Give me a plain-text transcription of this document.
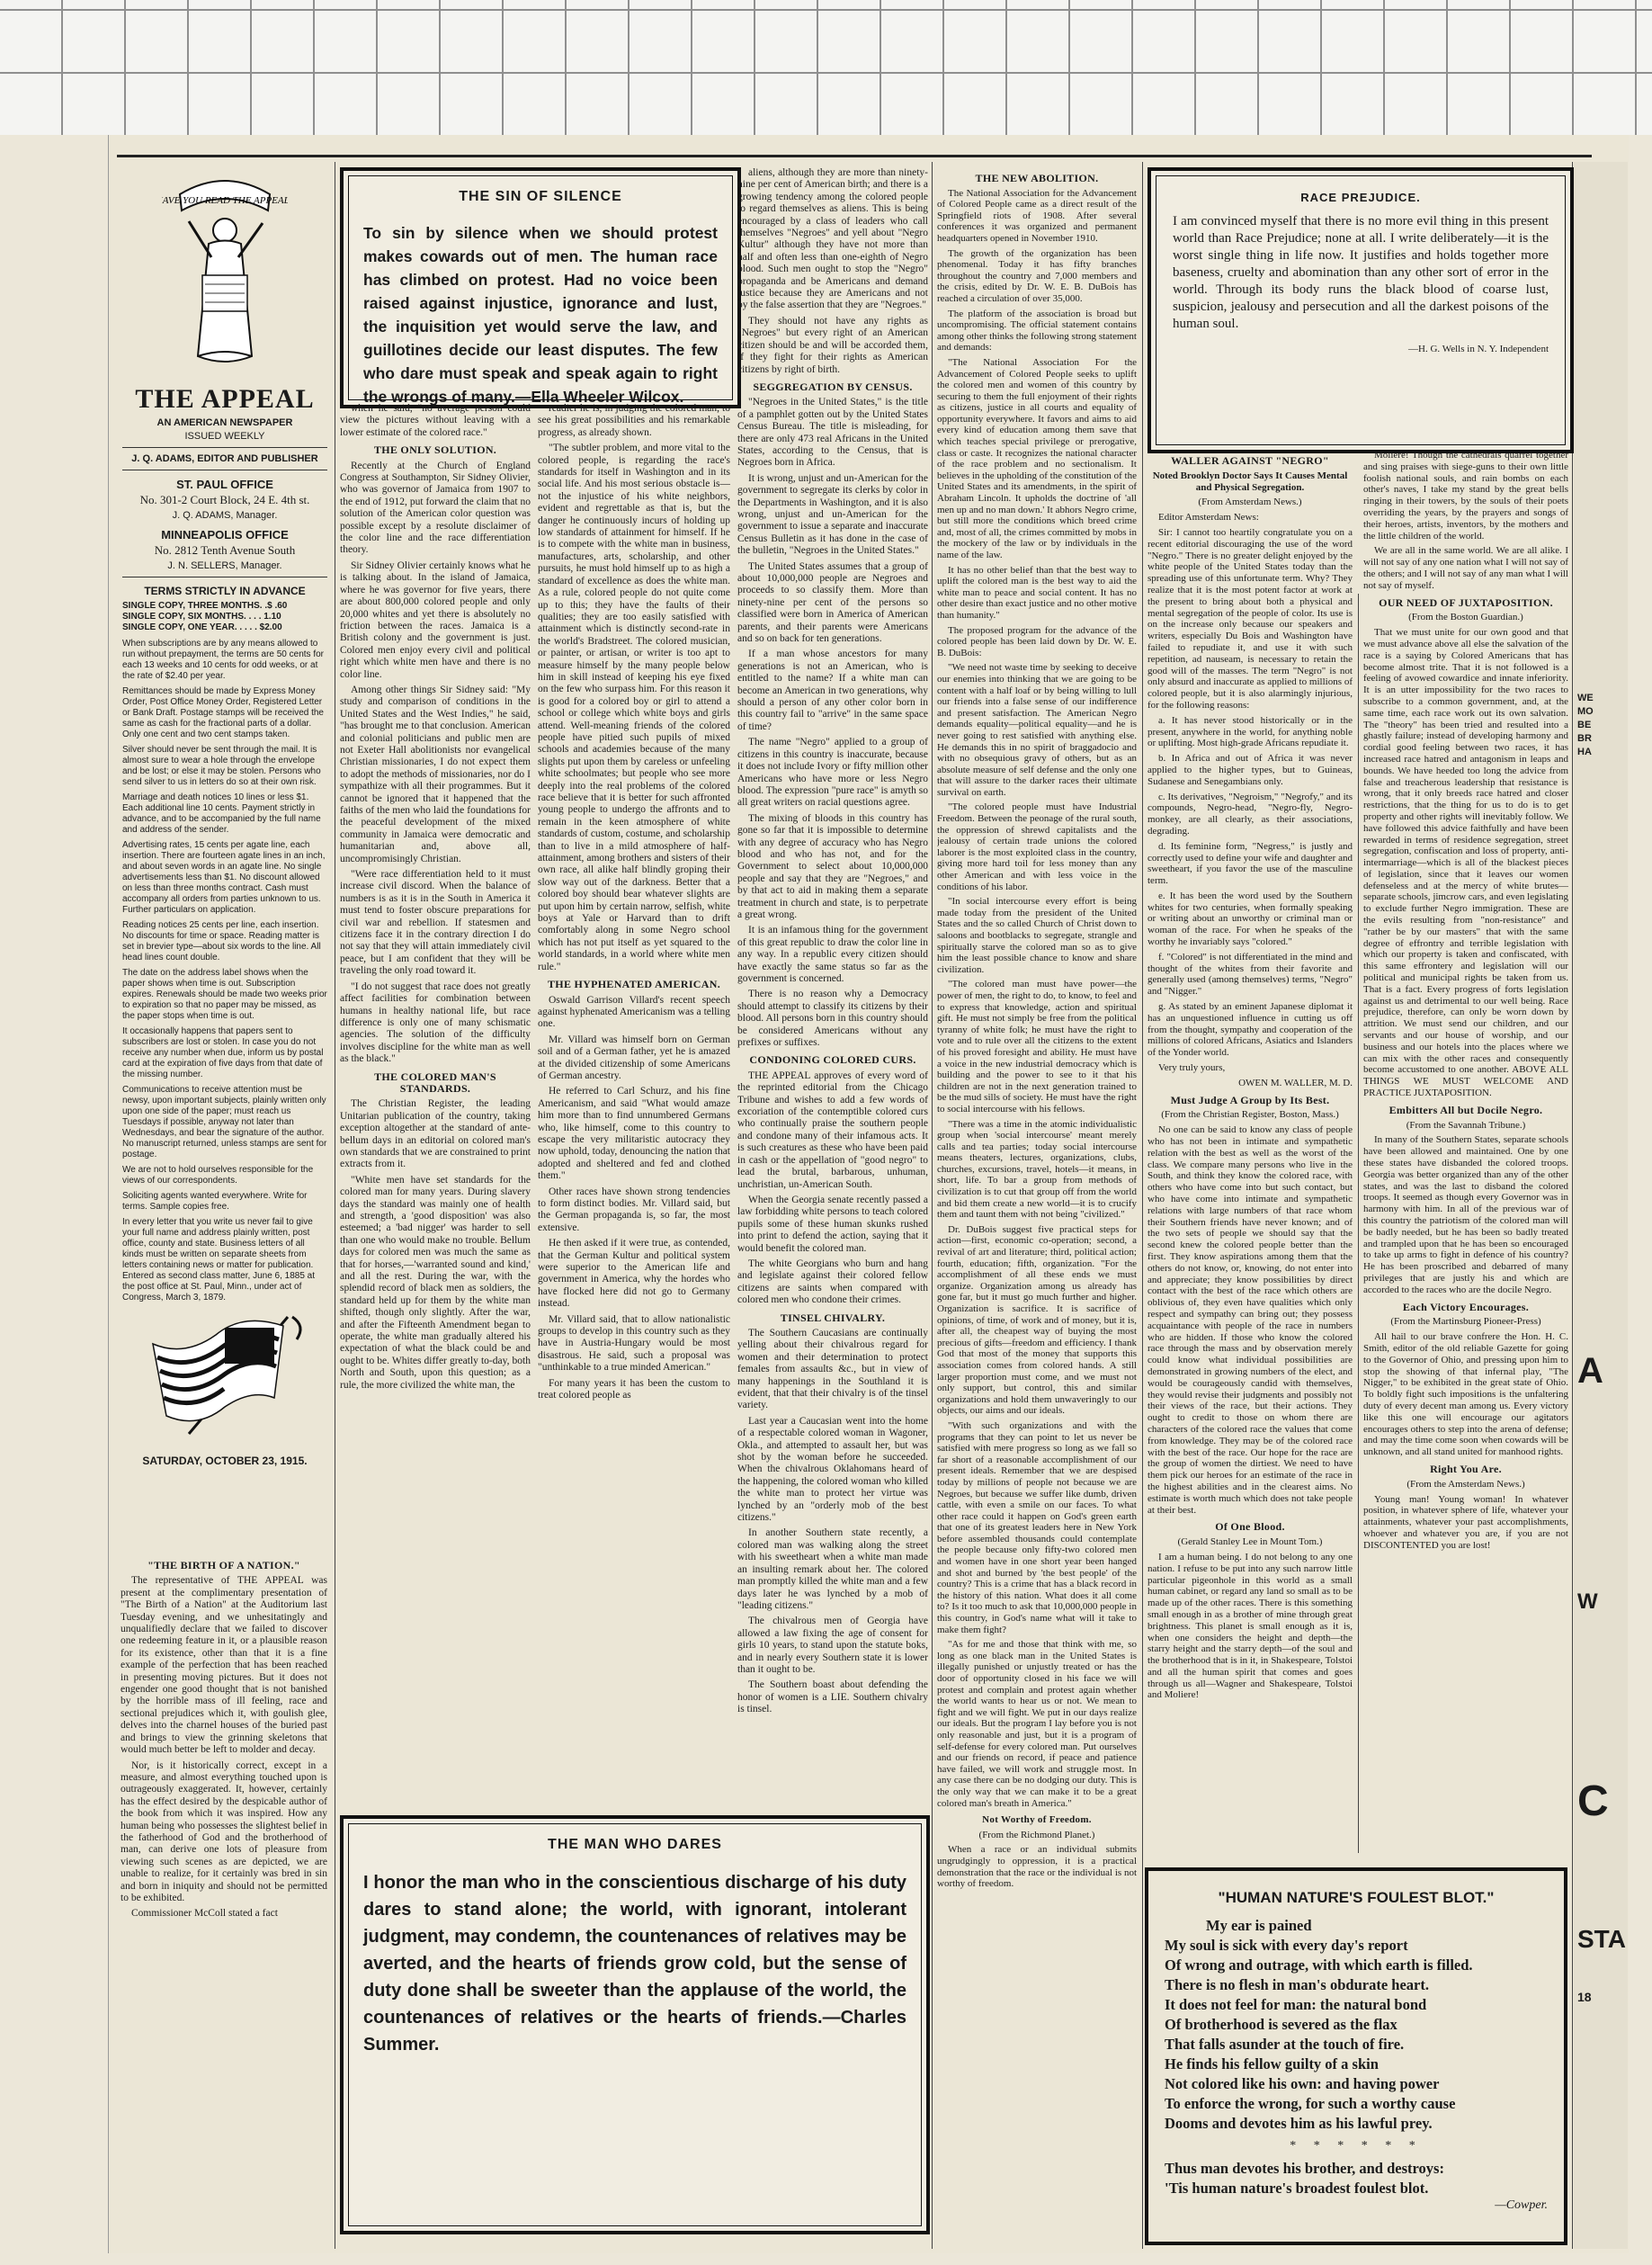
HAVE YOU READ THE APPEAL?
THE APPEAL
AN AMERICAN NEWSPAPER
ISSUED WEEKLY
J. Q. ADAMS, EDITOR AND PUBLISHER
ST. PAUL OFFICE
No. 301-2 Court Block, 24 E. 4th st.
J. Q. ADAMS, Manager.
MINNEAPOLIS OFFICE
No. 2812 Tenth Avenue South
J. N. SELLERS, Manager.
TERMS STRICTLY IN ADVANCE
SINGLE COPY, THREE MONTHS. .$ .60
SINGLE COPY, SIX MONTHS. . . . 1.10
SINGLE COPY, ONE YEAR. . . . . $2.00
When subscriptions are by any means allowed to run without prepayment, the terms are 50 cents for each 13 weeks and 10 cents for odd weeks, or at the rate of $2.40 per year.
Remittances should be made by Express Money Order, Post Office Money Order, Registered Letter or Bank Draft. Postage stamps will be received the same as cash for the fractional parts of a dollar. Only one cent and two cent stamps taken.
Silver should never be sent through the mail. It is almost sure to wear a hole through the envelope and be lost; or else it may be stolen. Persons who send silver to us in letters do so at their own risk.
Marriage and death notices 10 lines or less $1. Each additional line 10 cents. Payment strictly in advance, and to be accompanied by the full name and address of the sender.
Advertising rates, 15 cents per agate line, each insertion. There are fourteen agate lines in an inch, and about seven words in an agate line. No single advertisements less than $1. No discount allowed on less than three months contract. Cash must accompany all orders from parties unknown to us. Further particulars on application.
Reading notices 25 cents per line, each insertion. No discounts for time or space. Reading matter is set in brevier type—about six words to the line. All head lines count double.
The date on the address label shows when the paper shows when time is out. Subscription expires. Renewals should be made two weeks prior to expiration so that no paper may be missed, as the paper stops when time is out.
It occasionally happens that papers sent to subscribers are lost or stolen. In case you do not receive any number when due, inform us by postal card at the expiration of five days from that date of the missing number.
Communications to receive attention must be newsy, upon important subjects, plainly written only upon one side of the paper; must reach us Tuesdays if possible, anyway not later than Wednesdays, and bear the signature of the author. No manuscript returned, unless stamps are sent for postage.
We are not to hold ourselves responsible for the views of our correspondents.
Soliciting agents wanted everywhere. Write for terms. Sample copies free.
In every letter that you write us never fail to give your full name and address plainly written, post office, county and state. Business letters of all kinds must be written on separate sheets from letters containing news or matter for publication. Entered as second class matter, June 6, 1885 at the post office at St. Paul, Minn., under act of Congress, March 3, 1879.
SATURDAY, OCTOBER 23, 1915.
"THE BIRTH OF A NATION."

The representative of THE APPEAL was present at the complimentary presentation of "The Birth of a Nation" at the Auditorium last Tuesday evening, and we unhesitatingly and unqualifiedly declare that we failed to discover one redeeming feature in it, or a plausible reason for its existence, other than that it is a fine example of the perfection that has been reached in presenting moving pictures. But it does not engender one good thought that is not banished by the horrible mass of ill feeling, race and sectional prejudices which it, with goulish glee, delves into the charnel houses of the buried past and brings to view the grinning skeletons that would much better be left to molder and decay.

Nor, is it historically correct, except in a measure, and almost everything touched upon is outrageously exaggerated. It, however, certainly has the effect desired by the despicable author of the book from which it was inspired. How any human being who possesses the slightest belief in the fatherhood of God and the brotherhood of man, can derive one lots of pleasure from viewing such scenes as are depicted, we are unable to realize, for it certainly was bred in sin and born in iniquity and should not be permitted to be exhibited.

Commissioner McColl stated a fact

THE SIN OF SILENCE
To sin by silence when we should protest makes cowards out of men. The human race has climbed on protest. Had no voice been raised against injustice, ignorance and lust, the inquisition yet would serve the law, and guillotines decide our least disputes. The few who dare must speak and speak again to right the wrongs of many.—Ella Wheeler Wilcox.

when he said, "no average person could view the pictures without leaving with a lower estimate of the colored race."

THE ONLY SOLUTION.

Recently at the Church of England Congress at Southampton, Sir Sidney Olivier, who was governor of Jamaica from 1907 to the end of 1912, put forward the claim that no solution of the American color question was possible except by a resolute disclaimer of the color line and the race differentiation theory.

Sir Sidney Olivier certainly knows what he is talking about. In the island of Jamaica, where he was governor for five years, there are about 800,000 colored people and only 20,000 whites and yet there is absolutely no friction between the races. Jamaica is a British colony and the government is just. Colored men enjoy every civil and political right which white men have and there is no color line.

Among other things Sir Sidney said: "My study and comparison of conditions in the United States and the West Indies," he said, "has brought me to that conclusion. American and colonial politicians and public men are not Exeter Hall abolitionists nor evangelical Christian missionaries, I do not expect them to adopt the methods of missionaries, nor do I sympathize with all their programmes. But it cannot be ignored that it happened that the faiths of the men who laid the foundations for the peaceful development of the mixed community in Jamaica were democratic and humanitarian and, above all, uncompromisingly Christian.

"Were race differentiation held to it must increase civil discord. When the balance of numbers is as it is in the South in America it must tend to foster obscure preparations for civil war and rebellion. If statesmen and citizens face it in the contrary direction I do not say that they will attain immediately civil peace, but I am confident that they will be traveling the only road toward it.

"I do not suggest that race does not greatly affect facilities for combination between humans in healthy national life, but race difference is only one of many schismatic agencies. The solution of the difficulty involves discipline for the white man as well as the black."

THE COLORED MAN'S STANDARDS.

The Christian Register, the leading Unitarian publication of the country, taking exception altogether at the standard of ante-bellum days in an editorial on colored man's own standards that we are constrained to print extracts from it.

"White men have set standards for the colored man for many years. During slavery days the standard was mainly one of health and strength, a 'good disposition' was also esteemed; a 'bad nigger' was harder to sell than one who would make no trouble. Bellum days for colored men was much the same as that for horses,—'warranted sound and kind,' and all the rest. During the war, with the splendid record of black men as soldiers, the standard held up for them by the white man shifted, though only slightly. After the war, and after the Fifteenth Amendment began to operate, the white man gradually altered his expectation of what the black could be and ought to be. Whites differ greatly to-day, both North and South, upon this question; as a rule, the more civilized the white man, the

readier he is, in judging the colored man, to see his great possibilities and his remarkable progress, as already shown.

"The subtler problem, and more vital to the colored people, is regarding the race's standards for itself in Washington and in its social life. And his most serious obstacle is—not the injustice of his white neighbors, evident and regrettable as that is, but the danger he continuously incurs of holding up low standards of attainment for himself. If he is to compete with the white man in business, manufactures, arts, scholarship, and other pursuits, he must hold himself up to as high a standard of excellence as does the white man. As a rule, colored people do not quite come up to this; they have the faults of their qualities; they are too easily satisfied with attainment which is distinctly second-rate in the world's Bradstreet. The colored musician, or painter, or artisan, or writer is too apt to measure himself by the many people below him in skill instead of keeping his eye fixed on the few who surpass him. For this reason it is good for a colored boy or girl to attend a school or college which white boys and girls attend. Well-meaning friends of the colored people have pitied such pupils of mixed schools and academies because of the many slights put upon them by careless or unfeeling white schoolmates; but people who see more deeply into the real problems of the colored race believe that it is better for such affronted young people to undergo the affronts and to remain in the keen atmosphere of white standards of custom, costume, and scholarship than to live in a mild atmosphere of half-attainment, among brothers and sisters of their own race, all alike half blindly groping their slow way out of the darkness. Better that a colored boy should bear whatever slights are put upon him by certain narrow, selfish, white boys at Yale or Harvard than to drift comfortably along in some Negro school which has not put itself as yet squared to the world standards, in a world where white men rule."

THE HYPHENATED AMERICAN.

Oswald Garrison Villard's recent speech against hyphenated Americanism was a telling one.

Mr. Villard was himself born on German soil and of a German father, yet he is amazed at the divided citizenship of some Americans of German ancestry.

He referred to Carl Schurz, and his fine Americanism, and said "What would amaze him more than to find unnumbered Germans who, like himself, come to this country to escape the very militaristic autocracy they now uphold, today, denouncing the nation that adopted and sheltered and fed and clothed them."

Other races have shown strong tendencies to form distinct bodies. Mr. Villard said, but the German propaganda is, so far, the most extensive.

He then asked if it were true, as contended, that the German Kultur and political system were superior to the American life and government in America, why the hordes who have flocked here did not go to Germany instead.

Mr. Villard said, that to allow nationalistic groups to develop in this country such as they have in Austria-Hungary would be most disastrous. He said, such a proposal was "unthinkable to a true minded American."

For many years it has been the custom to treat colored people as

THE MAN WHO DARES
I honor the man who in the conscientious discharge of his duty dares to stand alone; the world, with ignorant, intolerant judgment, may condemn, the countenances of relatives may be averted, and the hearts of friends grow cold, but the sense of duty done shall be sweeter than the applause of the world, the countenances of relatives or the hearts of friends.—Charles Summer.

aliens, although they are more than ninety-nine per cent of American birth; and there is a growing tendency among the colored people to regard themselves as aliens. This is being encouraged by a class of leaders who call themselves "Negroes" and yell about "Negro Kultur" although they have not more than half and often less than one-eighth of Negro blood. Such men ought to stop the "Negro" propaganda and be Americans and demand justice because they are Americans and not by the false assertion that they are "Negroes."

They should not have any rights as "Negroes" but every right of an American citizen should be and will be accorded them, if they fight for their rights as American citizens by right of birth.

SEGGREGATION BY CENSUS.

"Negroes in the United States," is the title of a pamphlet gotten out by the United States Census Bureau. The title is misleading, for there are only 473 real Africans in the United States, according to the Census, that is Negroes born in Africa.

It is wrong, unjust and un-American for the government to segregate its clerks by color in the Departments in Washington, and it is also wrong, unjust and un-American for the government to issue a separate and inaccurate Census Bulletin as it has done in the case of the bulletin, "Negroes in the United States."

The United States assumes that a group of about 10,000,000 people are Negroes and proceeds to so classify them. More than ninety-nine per cent of the persons so classified were born in America of American parents, and their parents were Americans and so on back for ten generations.

If a man whose ancestors for many generations is not an American, who is entitled to the name? If a white man can become an American in two generations, why should a person of any other color born in this country fail to "arrive" in the same space of time?

The name "Negro" applied to a group of citizens in this country is inaccurate, because it does not include Ivory or fifty million other Americans who have more or less Negro blood. The expression "pure race" is amyth so all great writers on racial questions agree.

The mixing of bloods in this country has gone so far that it is impossible to determine with any degree of accuracy who has Negro blood and who has not, and for the Government to select about 10,000,000 people and say that they are "Negroes," and by that act to aid in making them a separate treatment in church and state, is to perpetrate a great wrong.

It is an infamous thing for the government of this great republic to draw the color line in any way. In a republic every citizen should have exactly the same status so far as the government is concerned.

There is no reason why a Democracy should attempt to classify its citizens by their blood. All persons born in this country should be considered Americans without any prefixes or suffixes.

CONDONING COLORED CURS.

THE APPEAL approves of every word of the reprinted editorial from the Chicago Tribune and wishes to add a few words of excoriation of the contemptible colored curs who continually praise the southern people and condone many of their infamous acts. It is such creatures as these who have been paid in cash or the appellation of "good negro" to lead the brutal, barbarous, unhuman, unchristian, un-American South.

When the Georgia senate recently passed a law forbidding white persons to teach colored pupils some of these human skunks rushed into print to defend the action, saying that it would benefit the colored man.

The white Georgians who burn and hang and legislate against their colored fellow citizens are saints when compared with colored men who condone their crimes.

TINSEL CHIVALRY.

The Southern Caucasians are continually yelling about their chivalrous regard for women and their determination to protect females from assaults &c., but in view of many happenings in the Southland it is evident, that that their chivalry is of the tinsel variety.

Last year a Caucasian went into the home of a respectable colored woman in Wagoner, Okla., and attempted to assault her, but was shot by the woman before he succeeded. When the chivalrous Oklahomans heard of the happening, the colored woman who killed the white man to protect her virtue was lynched by an "orderly mob of the best citizens."

In another Southern state recently, a colored man was walking along the street with his sweetheart when a white man made an insulting remark about her. The colored man promptly killed the white man and a few days later he was lynched by a mob of "leading citizens."

The chivalrous men of Georgia have allowed a law fixing the age of consent for girls 10 years, to stand upon the statute boks, and in nearly every Southern state it is lower than it ought to be.

The Southern boast about defending the honor of women is a LIE. Southern chivalry is tinsel.

THE NEW ABOLITION.

The National Association for the Advancement of Colored People came as a direct result of the Springfield riots of 1908. After several conferences it was organized and permanent headquarters opened in November 1910.

The growth of the organization has been phenomenal. Today it has fifty branches throughout the country and 7,000 members and the crisis, edited by Dr. W. E. B. DuBois has reached a circulation of over 35,000.

The platform of the association is broad but uncompromising. The official statement contains among other thinks the following strong statement and demands:

"The National Association For the Advancement of Colored People seeks to uplift the colored men and women of this country by securing to them the full enjoyment of their rights as citizens, justice in all courts and equality of opportunity everywhere. It favors and aims to aid every kind of education among them save that which teaches special privilege or prerogative, class or caste. It recognizes the national character of the race problem and no sectionalism. It believes in the upholding of the constitution of the United States and its amendments, in the spirit of Abraham Lincoln. It upholds the doctrine of 'all men up and no man down.' It abhors Negro crime, but still more the conditions which breed crime and, most of all, the crimes committed by mobs in the mockery of the law or by individuals in the name of the law.

It has no other belief than that the best way to uplift the colored man is the best way to aid the white man to peace and social content. It has no other desire than exact justice and no other motive than humanity."

The proposed program for the advance of the colored people has been laid down by Dr. W. E. B. DuBois:

"We need not waste time by seeking to deceive our enemies into thinking that we are going to be content with a half loaf or by being willing to lull our friends into a false sense of our indifference and present satisfaction. The American Negro demands equality—political equality—and he is never going to rest satisfied with anything else. He demands this in no spirit of braggadocio and with no obsequious gravy of others, but as an absolute measure of self defense and the only one that will assure to the darker races their ultimate survival on earth.

"The colored people must have Industrial Freedom. Between the peonage of the rural south, the oppression of shrewd capitalists and the jealousy of certain trade unions the colored laborer is the most exploited class in the country, giving more hard toil for less money than any other American and with less voice in the conditions of his labor.

"In social intercourse every effort is being made today from the president of the United States and the so called Church of Christ down to saloons and bootblacks to segregate, strangle and spiritually starve the colored man so as to give him the least possible chance to know and share civilization.

"The colored man must have power—the power of men, the right to do, to know, to feel and to express that knowledge, action and spiritual gift. He must not simply be free from the political tyranny of white folk; he must have the right to vote and to rule over all the citizens to the extent of his proved foresight and ability. He must have a voice in the new industrial democracy which is building and the power to see to it that his children are not in the next generation trained to be the mud sills of society. He must have the right to social intercourse with his fellows.

"There was a time in the atomic individualistic group when 'social intercourse' meant merely calls and tea parties; today social intercourse means theaters, lectures, organizations, clubs, churches, excursions, travel, hotels—it means, in short, life. To bar a group from methods of civilization is to cut that group off from the world and bid them create a new world—it is to crucify them and taunt them with not being "civilized."

Dr. DuBois suggest five practical steps for action—first, economic co-operation; second, a revival of art and literature; third, political action; fourth, education; fifth, organization. "For the accomplishment of all these ends we must organize. Organization among us already has gone far, but it must go much further and higher. Organization is sacrifice. It is sacrifice of opinions, of time, of work and of money, but it is, after all, the cheapest way of buying the most precious of gifts—freedom and efficiency. I thank God that most of the money that supports this association comes from colored hands. A still larger proportion must come, and we must not only support, but control, this and similar organizations and hold them unwaveringly to our objects, our aims and our ideals.

"With such organizations and with the programs that they can point to let us never be satisfied with mere progress so long as we fall so far short of a reasonable accomplishment of our present ideals. Remember that we are despised today by millions of people not because we are Negroes, but because we suffer like dumb, driven cattle, with even a smile on our faces. To what other race could it happen on God's green earth that one of its greatest leaders here in New York before assembled thousands could contemplate the people because only fifty-two colored men and women have in one short year been hanged and shot and burned by 'the best people' of the country? This is a crime that has a black record in the history of this nation. What does it all come to? Is it too much to ask that 10,000,000 people in this country, in God's name what will it take to make them fight?

"As for me and those that think with me, so long as one black man in the United States is illegally punished or unjustly treated or has the door of opportunity closed in his face we will protest and complain and protest again whether the world wants to hear us or not. We mean to fight and we will fight. We put in our days realize our ideals. But the program I lay before you is not only reasonable and just, but it is a program of self-defense for every colored man. Put ourselves and our friends on record, if peace and patience have failed, we will work and struggle most. In any case there can be no dodging our duty. This is the only way that we can make it to be a great colored man's breath in America."

Not Worthy of Freedom.
(From the Richmond Planet.)

When a race or an individual submits ungrudgingly to oppression, it is a practical demonstration that the race or the individual is not worthy of freedom.

RACE PREJUDICE.
I am convinced myself that there is no more evil thing in this present world than Race Prejudice; none at all. I write deliberately—it is the worst single thing in life now. It justifies and holds together more baseness, cruelty and abomination than any other sort of error in the world. Through its body runs the black blood of coarse lust, suspicion, jealousy and persecution and all the darkest poisons of the human soul.
—H. G. Wells in N. Y. Independent
WALLER AGAINST "NEGRO"
Noted Brooklyn Doctor Says It Causes Mental and Physical Segregation.
(From Amsterdam News.)

Editor Amsterdam News:

Sir: I cannot too heartily congratulate you on a recent editorial discouraging the use of the word "Negro." There is no greater delight enjoyed by the white people of the United States today than the spreading use of this unfortunate term. Why? They realize that it is the most potent factor at work at the present to bring about both a physical and mental segregation of the people of color. Its use is on the increase only because our speakers and writers, especially Du Bois and Washington have failed to repudiate it, and use it with such repetition, ad nauseam, is necessary to retain the good will of the masses. The term "Negro" is not only absurd and inaccurate as applied to millions of colored people, but it is also alarmingly injurious, for the following reasons:

a. It has never stood historically or in the present, anywhere in the world, for anything noble or uplifting. Most high-grade Africans repudiate it.

b. In Africa and out of Africa it was never applied to the higher types, but to Guineas, Sudanese and Senegambians only.

c. Its derivatives, "Negroism," "Negrofy," and its compounds, Negro-head, "Negro-fly, Negro-monkey, are all clearly, as their associations, degrading.

d. Its feminine form, "Negress," is justly and correctly used to define your wife and daughter and sweetheart, if you favor the use of the masculine term.

e. It has been the word used by the Southern whites for two centuries, when formally speaking or writing about an unworthy or criminal man or woman of the race. For when he speaks of the worthy he invariably says "colored."

f. "Colored" is not differentiated in the mind and thought of the whites from their favorite and generally used (among themselves) terms, "Negro" and "Nigger."

g. As stated by an eminent Japanese diplomat it has an unquestioned influence in cutting us off from the thought, sympathy and cooperation of the millions of colored Africans, Asiatics and Islanders of the Yonder world.

Very truly yours,

OWEN M. WALLER, M. D.

Must Judge A Group by Its Best.
(From the Christian Register, Boston, Mass.)

No one can be said to know any class of people who has not been in intimate and sympathetic relation with the best as well as the worst of the class. We compare many persons who live in the South, and think they know the colored race, with others who have come into but such contact, but who have come into intimate and sympathetic relations with large numbers of that race whom their Southern friends have never known; and of the two sets of people we should say that the second knew the colored people better than the first. They know aspirations among them that the others do not know, or, knowing, do not enter into and appreciate; they know possibilities by direct contact with the best of the race which others are oblivious of, they even have qualities which only respect and sympathy can bring out; they possess acquaintance with people of the race in numbers who are hidden. If those who know the colored race through the mass and by observation merely could know what individual possibilities are demonstrated in growing numbers of the elect, and would be courageously candid with themselves, they would revise their judgments and possibly not their views of the race, but their actions. They ought to credit to those on whom there are characters of the colored race the values that come from knowledge. They may be of the colored race with the best of the race. Our hope for the race are the group of women the dirtiest. We need to have them pick our heroes for an estimate of the race in the highest abilities and in the clearest aims. No estimate is worth much which does not take people at their best.

Of One Blood.
(Gerald Stanley Lee in Mount Tom.)

I am a human being. I do not belong to any one nation. I refuse to be put into any such narrow little particular pigeonhole in this world as a small human cabinet, or regard any land so small as to be made up of the other races. There is this something small enough in as a brother of mine through great brightness. This planet is small enough as it is, when one considers the height and depth—the starry height and the starry depth—of the soul and the brotherhood that is in it, in Shakespeare, Tolstoi and all the human spirit that comes and goes through us all—Wagner and Shakespeare, Tolstoi and Moliere!

Moliere! Though the cathedrals quarrel together and sing praises with siege-guns to their own little foolish national souls, and rain bombs on each other's naves, I take my stand by the great bells ringing in their towers, by the souls of their poets overriding the years, by the prayers and songs of their heroes, artists, inventors, by the mothers and the little children of the world.

We are all in the same world. We are all alike. I will not say of any one nation what I will not say of the others; and I will not say of any man what I will not say of myself.

OUR NEED OF JUXTAPOSITION.
(From the Boston Guardian.)

That we must unite for our own good and that we must advance above all else the salvation of the race is a saying by Colored Americans that has become almost trite. That it is not followed is a feeling of avowed cowardice and innate inferiority. It is an utter impossibility for the two races to subscribe to a common government, and, at the same time, each race work out its own salvation. The "theory" has been tried and resulted into a ghastly failure; instead of developing harmony and cordial good feeling between two races, it has increased race hatred and antagonism in leaps and bounds. We have heeded too long the advice from false and treacherous leadership that resistance is wrong, that it only breeds race hatred and closer restrictions, that the thing for us to do is to get property and other rights will inevitably follow. We have followed this advice faithfully and have been rewarded in terms of residence segregation, street segregation, confiscation and loss of property, anti-intermarriage—which is all of the blackest pieces of legislation, since that it leaves our women defenseless and at the mercy of white brutes—separate schools, jimcrow cars, and even legislating to exclude further Negro immigration. These are the evils resulting from "non-resistance" and "rather be by our masters" that with the same degree of effrontry and terrible legislation with which our property is taken and confiscated, with this same effrontery and legislation will our political and municipal rights be taken from us. That is a fact. Every progress of forts legislation against us and detrimental to our well being. Race prejudice, therefore, can only be worn down by attrition. We must send our children, and our servants and our house of worship, and our business and our hotels into the places where we can mix with the other races and consequently become accustomed to one another. ABOVE ALL THINGS WE MUST WELCOME AND PRACTICE JUXTAPOSITION.

Embitters All but Docile Negro.
(From the Savannah Tribune.)

In many of the Southern States, separate schools have been allowed and maintained. One by one these states have disbanded the colored troops. Georgia was better organized than any of the other states, and was the last to disband the colored troops. It seemed as though every Governor was in harmony with him. In all of the previous war of this country the patriotism of the colored man will be badly needed, but he has been so badly treated and trampled upon that he has been so encouraged to take up arms to fight in defence of his country? He has been proscribed and debarred of many privileges that are justly his and which are accorded to the races who are the docile Negro.

Each Victory Encourages.
(From the Martinsburg Pioneer-Press)

All hail to our brave confrere the Hon. H. C. Smith, editor of the old reliable Gazette for going to the Governor of Ohio, and pressing upon him to stop the showing of that infernal play, "The Nigger," to be exhibited in the great state of Ohio. To boldly fight such impositions is the unfaltering duty of every decent man among us. Every victory like this one will encourage our agitators encourages others to step into the arena of defense; and may the time come soon when cowards will be unknown, and all stand united for manhood rights.

Right You Are.
(From the Amsterdam News.)

Young man! Young woman! In whatever position, in whatever sphere of life, whatever your attainments, whatever your past accomplishments, whoever and whatever you are, if you are not DISCONTENTED you are lost!

"HUMAN NATURE'S FOULEST BLOT."
My ear is pained
My soul is sick with every day's report
Of wrong and outrage, with which earth is filled.
There is no flesh in man's obdurate heart.
It does not feel for man: the natural bond
Of brotherhood is severed as the flax
That falls asunder at the touch of fire.
He finds his fellow guilty of a skin
Not colored like his own: and having power
To enforce the wrong, for such a worthy cause
Dooms and devotes him as his lawful prey.
* * * * * *
Thus man devotes his brother, and destroys:
'Tis human nature's broadest foulest blot.
—Cowper.
WE
MO
BE
BR
HA
A
W
C
STA
18
